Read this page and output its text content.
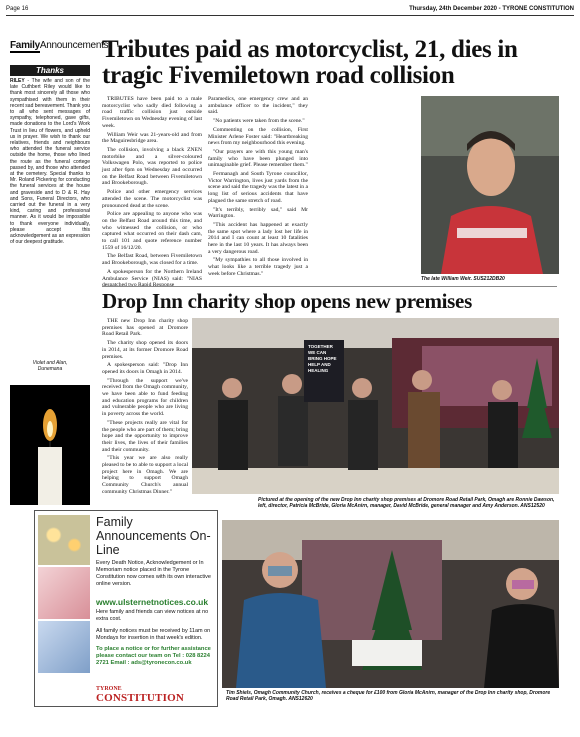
Page 16	Thursday, 24th December 2020 - TYRONE CONSTITUTION
FamilyAnnouncements
Thanks
RILEY - The wife and son of the late Cuthbert Riley would like to thank most sincerely all those who sympathised with them in their recent sad bereavement. Thank you to all who sent messages of sympathy, telephoned, gave gifts, made donations to the Lord's Work Trust in lieu of flowers, and upheld us in prayer. We wish to thank our relatives, friends and neighbours who attended the funeral service outside the home, those who lined the route as the funeral cortege passed by, and those who attended at the cemetery. Special thanks to Mr. Roland Pickering for conducting the funeral services at the house and graveside and to D & R. Hay and Sons, Funeral Directors, who carried out the funeral in a very kind, caring and professional manner. As it would be impossible to thank everyone individually, please accept this acknowledgement as an expression of our deepest gratitude.
Violet and Alan,
Dunemana
Tributes paid as motorcyclist, 21, dies in tragic Fivemiletown road collision

TRIBUTES have been paid to a male motorcyclist who sadly died following a road traffic collision just outside Fivemiletown on Wednesday evening of last week.

William Weir was 21-years-old and from the Maguiresbridge area.

The collision, involving a black ZNEN motorbike and a silver-coloured Volkswagen Polo, was reported to police just after 6pm on Wednesday and occurred on the Belfast Road between Fivemiletown and Brookeborough.

Police and other emergency services attended the scene. The motorcyclist was pronounced dead at the scene.

Police are appealing to anyone who was on the Belfast Road around this time, and who witnessed the collision, or who captured what occurred on their dash cam, to call 101 and quote reference number 1559 of 16/12/20.

The Belfast Road, between Fivemiletown and Brookeborough, was closed for a time.

A spokesperson for the Northern Ireland Ambulance Service (NIAS) said: "NIAS despatched two Rapid Response

Paramedics, one emergency crew and an ambulance officer to the incident," they said.

"No patients were taken from the scene."

Commenting on the collision, First Minister Arlene Foster said: "Heartbreaking news from my neighbourhood this evening.

"Our prayers are with this young man's family who have been plunged into unimaginable grief. Please remember them."

Fermanagh and South Tyrone councillor, Victor Warrington, lives just yards from the scene and said the tragedy was the latest in a long list of serious accidents that have plagued the same stretch of road.

"It's terribly, terribly sad," said Mr Warrington.

"This accident has happened at exactly the same spot where a lady lost her life in 2014 and I can count at least 10 fatalities here in the last 10 years. It has always been a very dangerous road.

"My sympathies to all those involved in what looks like a terrible tragedy just a week before Christmas."

The late William Weir. SUS212DB20
Drop Inn charity shop opens new premises

THE new Drop Inn charity shop premises has opened at Dromore Road Retail Park.

The charity shop opened its doors in 2014, at its former Dromore Road premises.

A spokesperson said: "Drop Inn opened its doors in Omagh in 2014.

"Through the support we've received from the Omagh community, we have been able to fund feeding and education programs for children and vulnerable people who are living in poverty across the world.

"These projects really are vital for the people who are part of them; bring hope and the opportunity to improve their lives, the lives of their families and their community.

"This year we are also really pleased to be to able to support a local project here in Omagh. We are helping to support Omagh Community Church's annual community Christmas Dinner."

TOGETHER WE CAN BRING HOPE HELP AND HEALING
Pictured at the opening of the new Drop Inn charity shop premises at Dromore Road Retail Park, Omagh are Ronnie Dawson, left, director, Patricia McBride, Gloria McAnirn, manager, David McBride, general manager and Amy Anderson. ANS12520
Tim Shiels, Omagh Community Church, receives a cheque for £100 from Gloria McAnirn, manager of the Drop Inn charity shop, Dromore Road Retail Park, Omagh. ANS12620
Family Announcements On-Line
Every Death Notice, Acknowledgement or In Memoriam notice placed in the Tyrone Constitution now comes with its own interactive online version.
www.ulsternetnotices.co.uk
Here family and friends can view notices at no extra cost.
All family notices must be received by 11am on Mondays for insertion in that week's edition.
To place a notice or for further assistance please contact our team on Tel : 028 8224 2721 Email : ads@tyronecon.co.uk
TYRONE
CONSTITUTION
